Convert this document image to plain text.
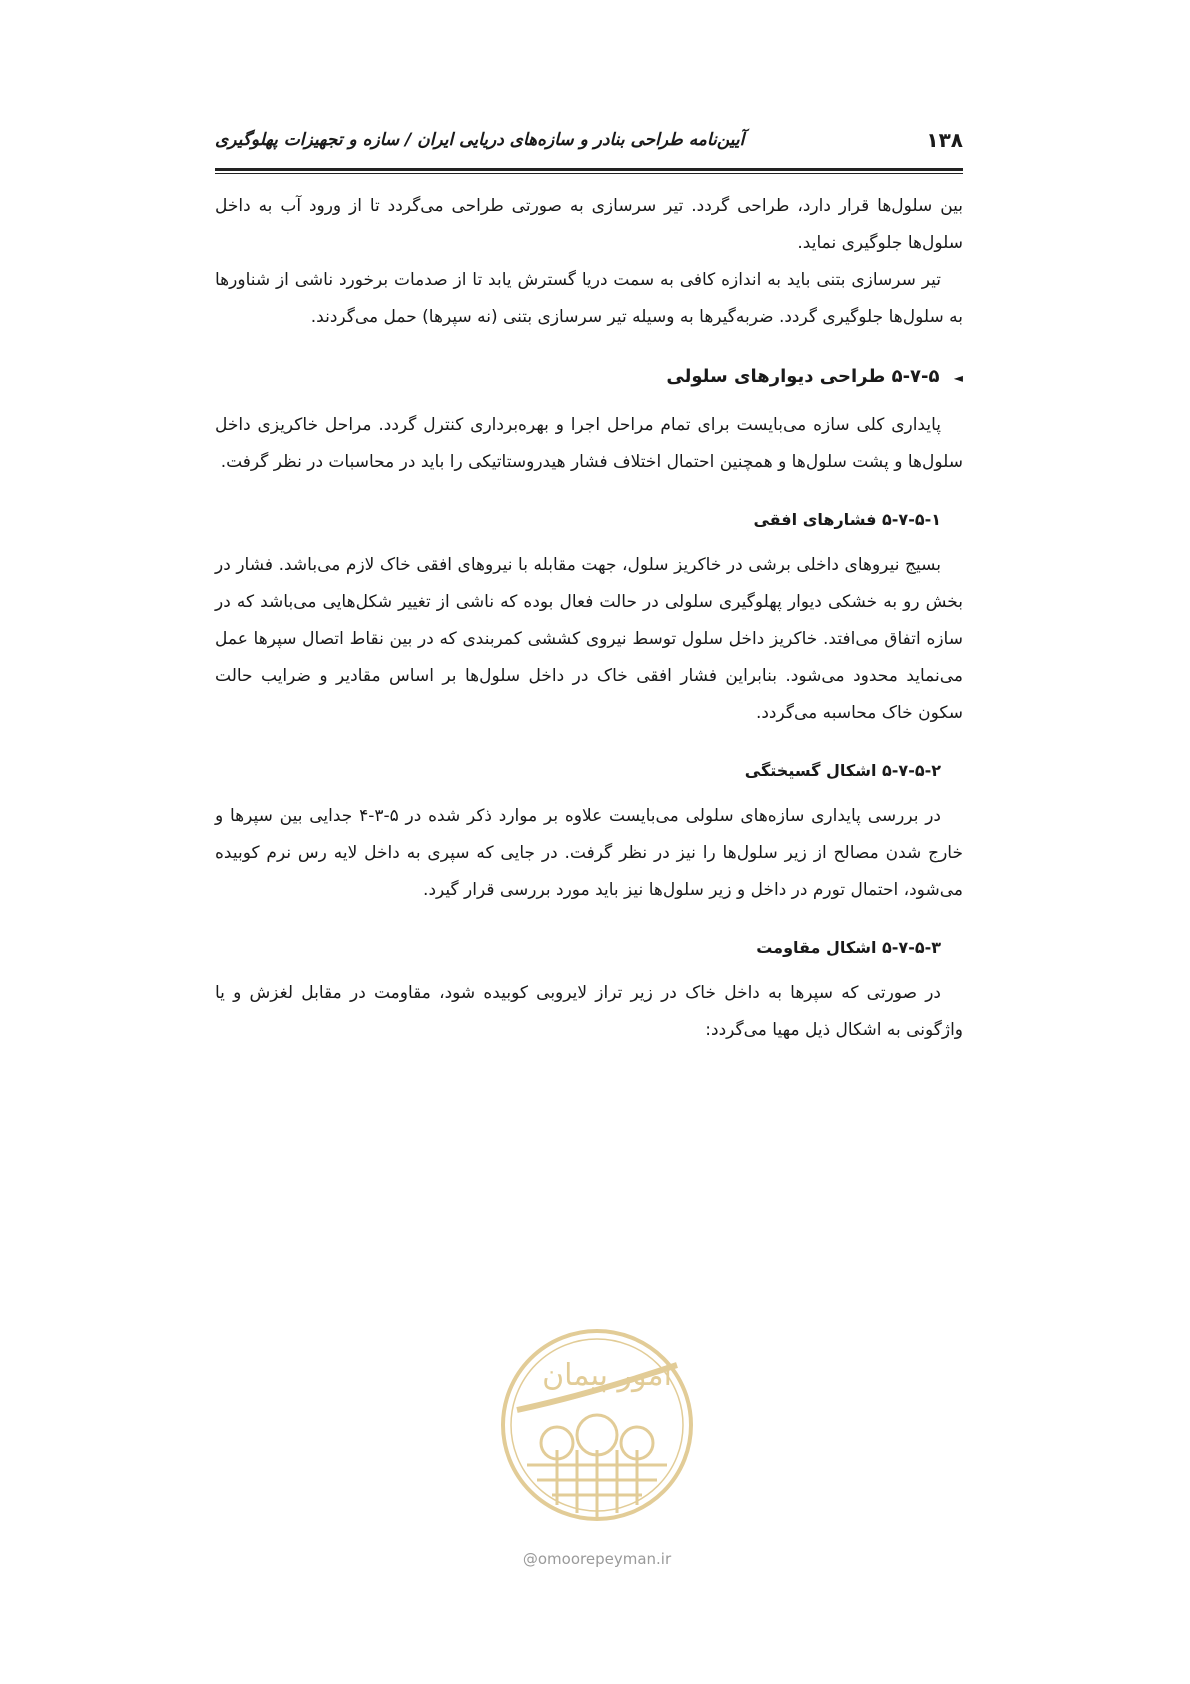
۱۳۸
آیین‌نامه طراحی بنادر و سازه‌های دریایی ایران / سازه و تجهیزات پهلوگیری

بین سلول‌ها قرار دارد، طراحی گردد. تیر سرسازی به صورتی طراحی می‌گردد تا از ورود آب به داخل سلول‌ها جلوگیری نماید.

تیر سرسازی بتنی باید به اندازه کافی به سمت دریا گسترش یابد تا از صدمات برخورد ناشی از شناورها به سلول‌ها جلوگیری گردد. ضربه‌گیرها به وسیله تیر سرسازی بتنی (نه سپرها) حمل می‌گردند.

◄ ۵-۷-۵ طراحی دیوارهای سلولی

پایداری کلی سازه می‌بایست برای تمام مراحل اجرا و بهره‌برداری کنترل گردد. مراحل خاکریزی داخل سلول‌ها و پشت سلول‌ها و همچنین احتمال اختلاف فشار هیدروستاتیکی را باید در محاسبات در نظر گرفت.

۵-۷-۵-۱ فشارهای افقی

بسیج نیروهای داخلی برشی در خاکریز سلول، جهت مقابله با نیروهای افقی خاک لازم می‌باشد. فشار در بخش رو به خشکی دیوار پهلوگیری سلولی در حالت فعال بوده که ناشی از تغییر شکل‌هایی می‌باشد که در سازه اتفاق می‌افتد. خاکریز داخل سلول توسط نیروی کششی کمربندی که در بین نقاط اتصال سپرها عمل می‌نماید محدود می‌شود. بنابراین فشار افقی خاک در داخل سلول‌ها بر اساس مقادیر و ضرایب حالت سکون خاک محاسبه می‌گردد.

۵-۷-۵-۲ اشکال گسیختگی

در بررسی پایداری سازه‌های سلولی می‌بایست علاوه بر موارد ذکر شده در ۵-۳-۴ جدایی بین سپرها و خارج شدن مصالح از زیر سلول‌ها را نیز در نظر گرفت. در جایی که سپری به داخل لایه رس نرم کوبیده می‌شود، احتمال تورم در داخل و زیر سلول‌ها نیز باید مورد بررسی قرار گیرد.

۵-۷-۵-۳ اشکال مقاومت

در صورتی که سپرها به داخل خاک در زیر تراز لایروبی کوبیده شود، مقاومت در مقابل لغزش و یا واژگونی به اشکال ذیل مهیا می‌گردد:

امور پیمان
@omoorepeyman.ir
